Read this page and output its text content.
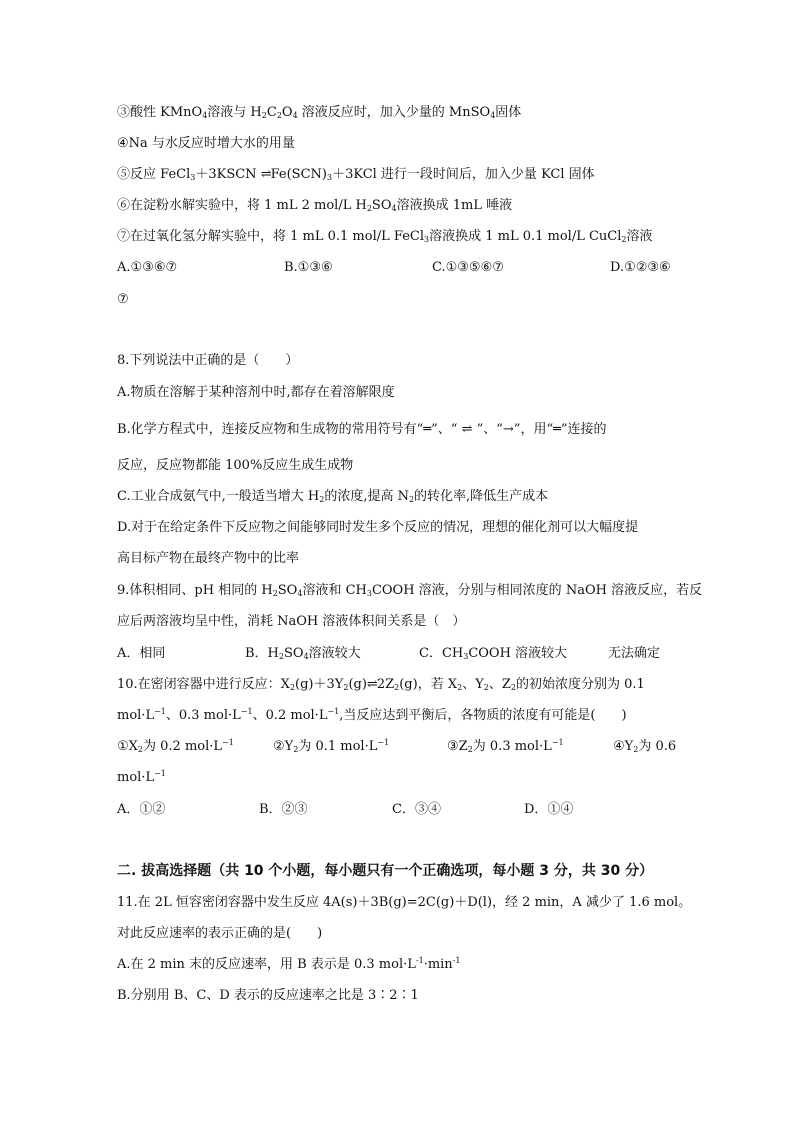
③酸性 KMnO$_4$溶液与 $H_2C_2O_4$ 溶液反应时，加入少量的 MnSO$_4$固体
④Na 与水反应时增大水的用量
⑤反应 FeCl$_3$＋3KSCN $\rightleftharpoons Fe(SCN)_3+3KCl$ 进行一段时间后，加入少量 KCl 固体
⑥在淀粉水解实验中，将 1 mL 2 mol/L $H_2SO_4$溶液换成 1mL 唾液
⑦在过氧化氢分解实验中，将 1 mL 0.1 mol/L FeCl$_3$溶液换成 1 mL 0.1 mol/L CuCl$_2$溶液
A.①③⑥⑦	B.①③⑥	C.①③⑤⑥⑦	D.①②③⑥
⑦
8.下列说法中正确的是（　　）
A.物质在溶解于某种溶剂中时,都存在着溶解限度
B.化学方程式中，连接反应物和生成物的常用符号有“═”、“ ⇌ ”、“→”，用“═”连接的
反应，反应物都能 100%反应生成生成物
C.工业合成氨气中,一般适当增大 $H_2$的浓度,提高 $N_2$的转化率,降低生产成本
D.对于在给定条件下反应物之间能够同时发生多个反应的情况，理想的催化剂可以大幅度提
高目标产物在最终产物中的比率
9.体积相同、pH 相同的 $H_2SO_4$溶液和 $CH_3COOH$ 溶液，分别与相同浓度的 NaOH 溶液反应，若反
应后两溶液均呈中性，消耗 NaOH 溶液体积间关系是（　）
A．相同	B．$H_2SO_4$溶液较大	C．$CH_3COOH$ 溶液较大	无法确定
10.在密闭容器中进行反应：$X_2(g)+3Y_2(g)\rightleftharpoons 2Z_2(g)$，若 $X_2$、$Y_2$、$Z_2$的初始浓度分别为 0.1
$mol\cdot L^{-1}$、0.3 $mol\cdot L^{-1}$、0.2 $mol\cdot L^{-1}$,当反应达到平衡后，各物质的浓度有可能是(　　)
$①X_2$为 0.2 $mol\cdot L^{-1}$	$②Y_2$为 0.1 $mol\cdot L^{-1}$	$③Z_2$为 0.3 $mol\cdot L^{-1}$	$④Y_2$为 0.6
$mol\cdot L^{-1}$
A．①②	B．②③	C．③④	D．①④
二. 拔高选择题（共 10 个小题，每小题只有一个正确选项，每小题 3 分，共 30 分）
11.在 2L 恒容密闭容器中发生反应 4A(s)＋3B(g)=2C(g)＋D(l)，经 2 min，A 减少了 1.6 mol。
对此反应速率的表示正确的是(　　)
A.在 2 min 末的反应速率，用 B 表示是 0.3 $mol\cdot L^{-1}\cdot\min^{-1}$
B.分别用 B、C、D 表示的反应速率之比是 3∶2∶1
